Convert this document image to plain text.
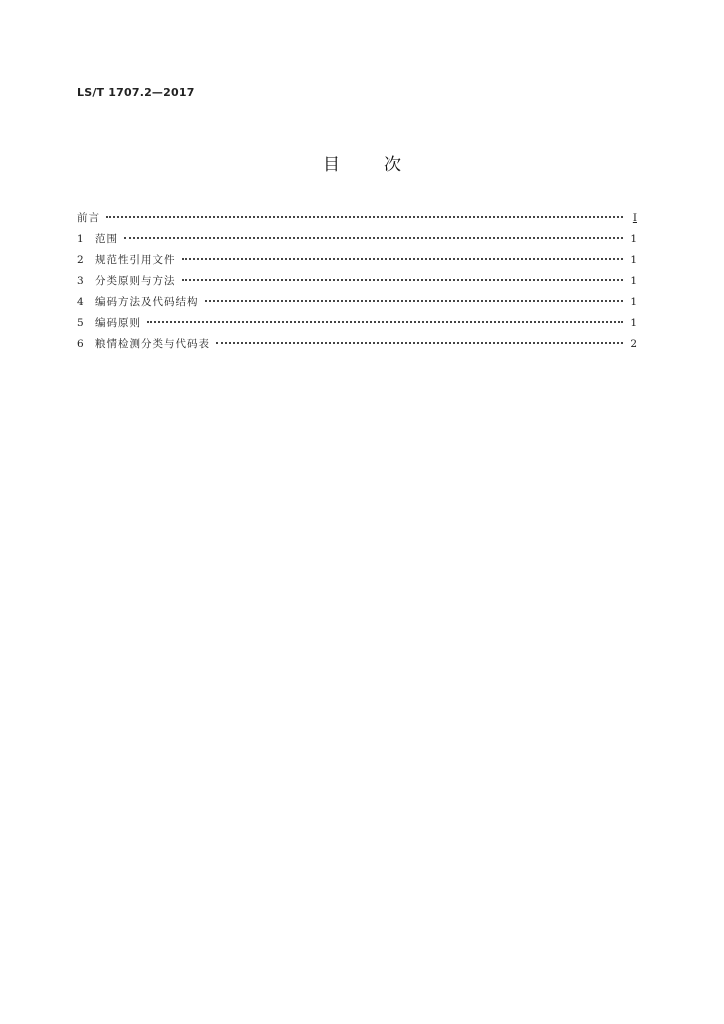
LS/T 1707.2—2017
目	次
前言	I
1	范围	1
2	规范性引用文件	1
3	分类原则与方法	1
4	编码方法及代码结构	1
5	编码原则	1
6	粮情检测分类与代码表	2
